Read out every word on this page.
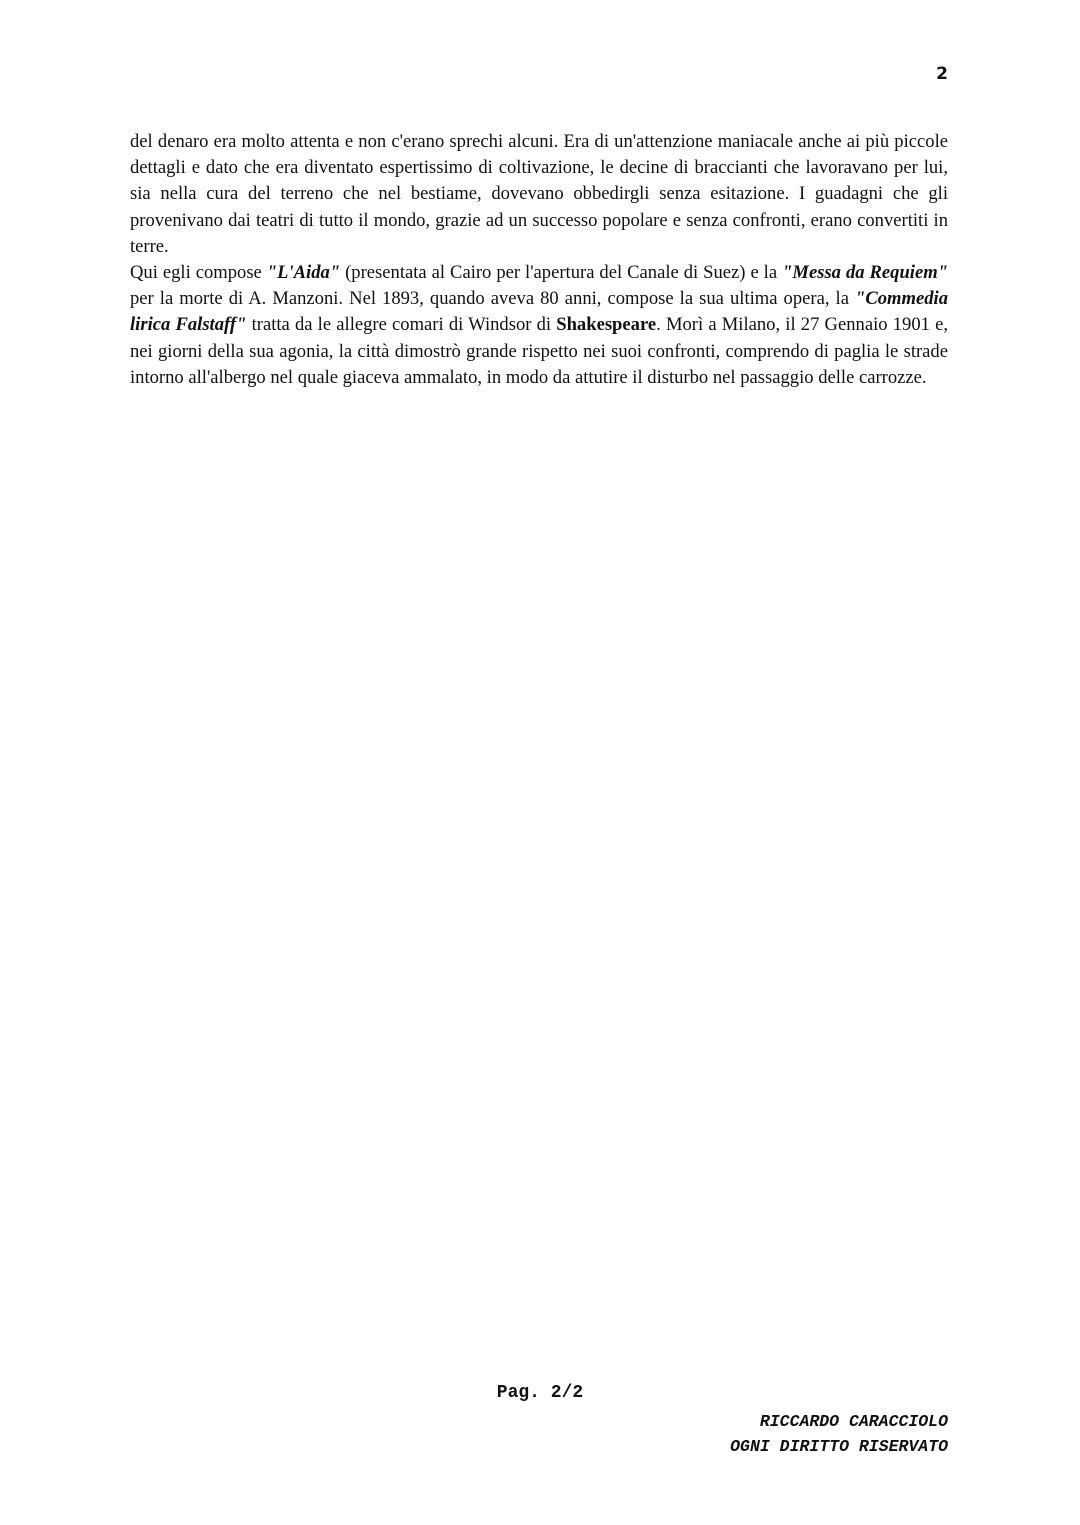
2

del denaro era molto attenta e non c'erano sprechi alcuni. Era di un'attenzione maniacale anche ai più piccole dettagli e dato che era diventato espertissimo di coltivazione, le decine di braccianti che lavoravano per lui, sia nella cura del terreno che nel bestiame, dovevano obbedirgli senza esitazione. I guadagni che gli provenivano dai teatri di tutto il mondo, grazie ad un successo popolare e senza confronti, erano convertiti in terre.

Qui egli compose "L'Aida" (presentata al Cairo per l'apertura del Canale di Suez) e la "Messa da Requiem" per la morte di A. Manzoni. Nel 1893, quando aveva 80 anni, compose la sua ultima opera, la "Commedia lirica Falstaff" tratta da le allegre comari di Windsor di Shakespeare. Morì a Milano, il 27 Gennaio 1901 e, nei giorni della sua agonia, la città dimostrò grande rispetto nei suoi confronti, comprendo di paglia le strade intorno all'albergo nel quale giaceva ammalato, in modo da attutire il disturbo nel passaggio delle carrozze.

Pag. 2/2
RICCARDO CARACCIOLO
OGNI DIRITTO RISERVATO
